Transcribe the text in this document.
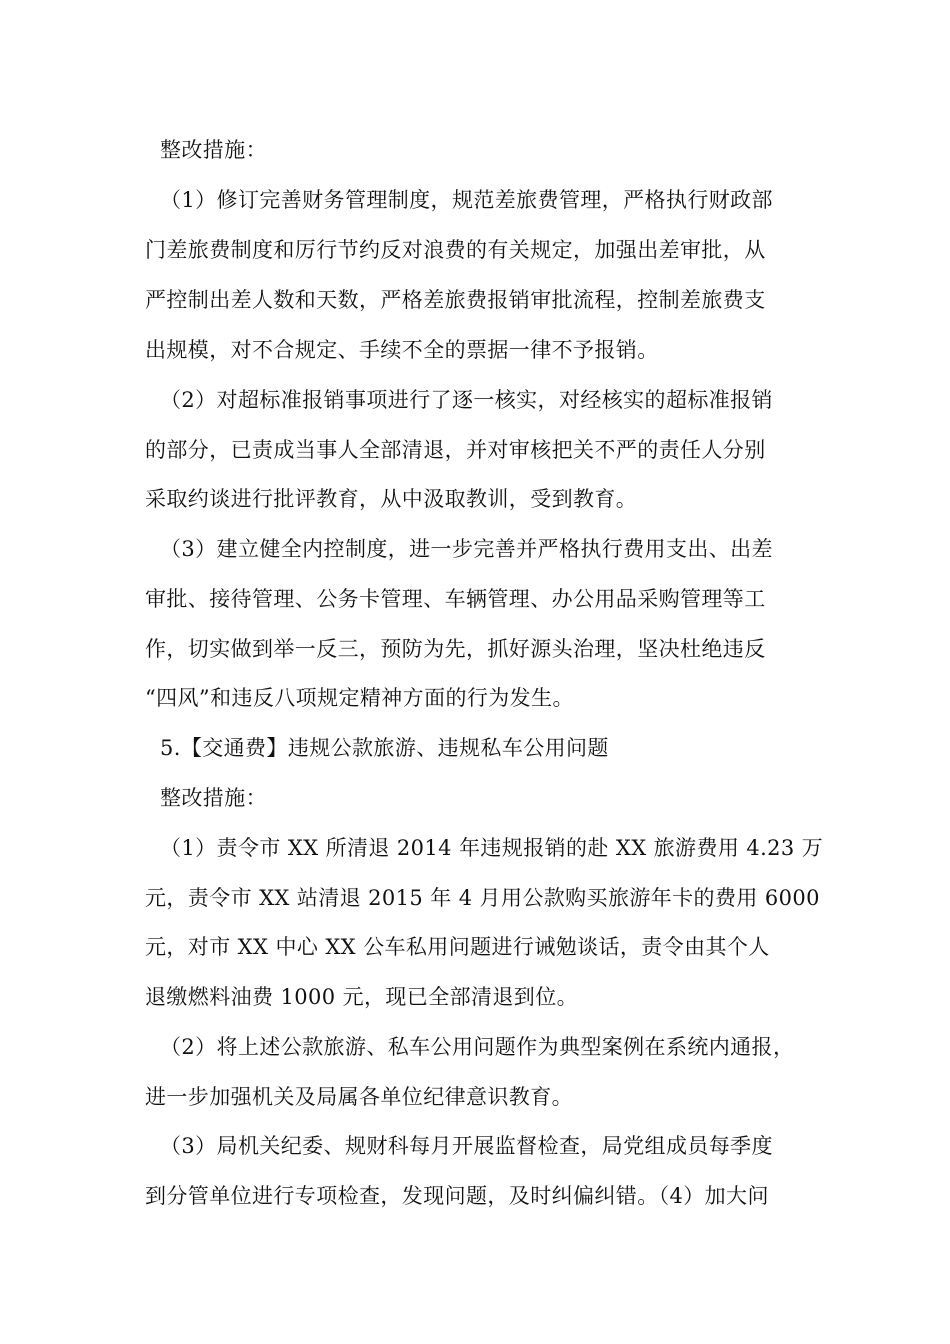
整改措施：
（1）修订完善财务管理制度，规范差旅费管理，严格执行财政部
门差旅费制度和厉行节约反对浪费的有关规定，加强出差审批，从
严控制出差人数和天数，严格差旅费报销审批流程，控制差旅费支
出规模，对不合规定、手续不全的票据一律不予报销。
（2）对超标准报销事项进行了逐一核实，对经核实的超标准报销
的部分，已责成当事人全部清退，并对审核把关不严的责任人分别
采取约谈进行批评教育，从中汲取教训，受到教育。
（3）建立健全内控制度，进一步完善并严格执行费用支出、出差
审批、接待管理、公务卡管理、车辆管理、办公用品采购管理等工
作，切实做到举一反三，预防为先，抓好源头治理，坚决杜绝违反
“四风”和违反八项规定精神方面的行为发生。
5.【交通费】违规公款旅游、违规私车公用问题
整改措施：
（1）责令市 XX 所清退 2014 年违规报销的赴 XX 旅游费用 4.23 万
元，责令市 XX 站清退 2015 年 4 月用公款购买旅游年卡的费用 6000
元，对市 XX 中心 XX 公车私用问题进行诫勉谈话，责令由其个人
退缴燃料油费 1000 元，现已全部清退到位。
（2）将上述公款旅游、私车公用问题作为典型案例在系统内通报，
进一步加强机关及局属各单位纪律意识教育。
（3）局机关纪委、规财科每月开展监督检查，局党组成员每季度
到分管单位进行专项检查，发现问题，及时纠偏纠错。（4）加大问
